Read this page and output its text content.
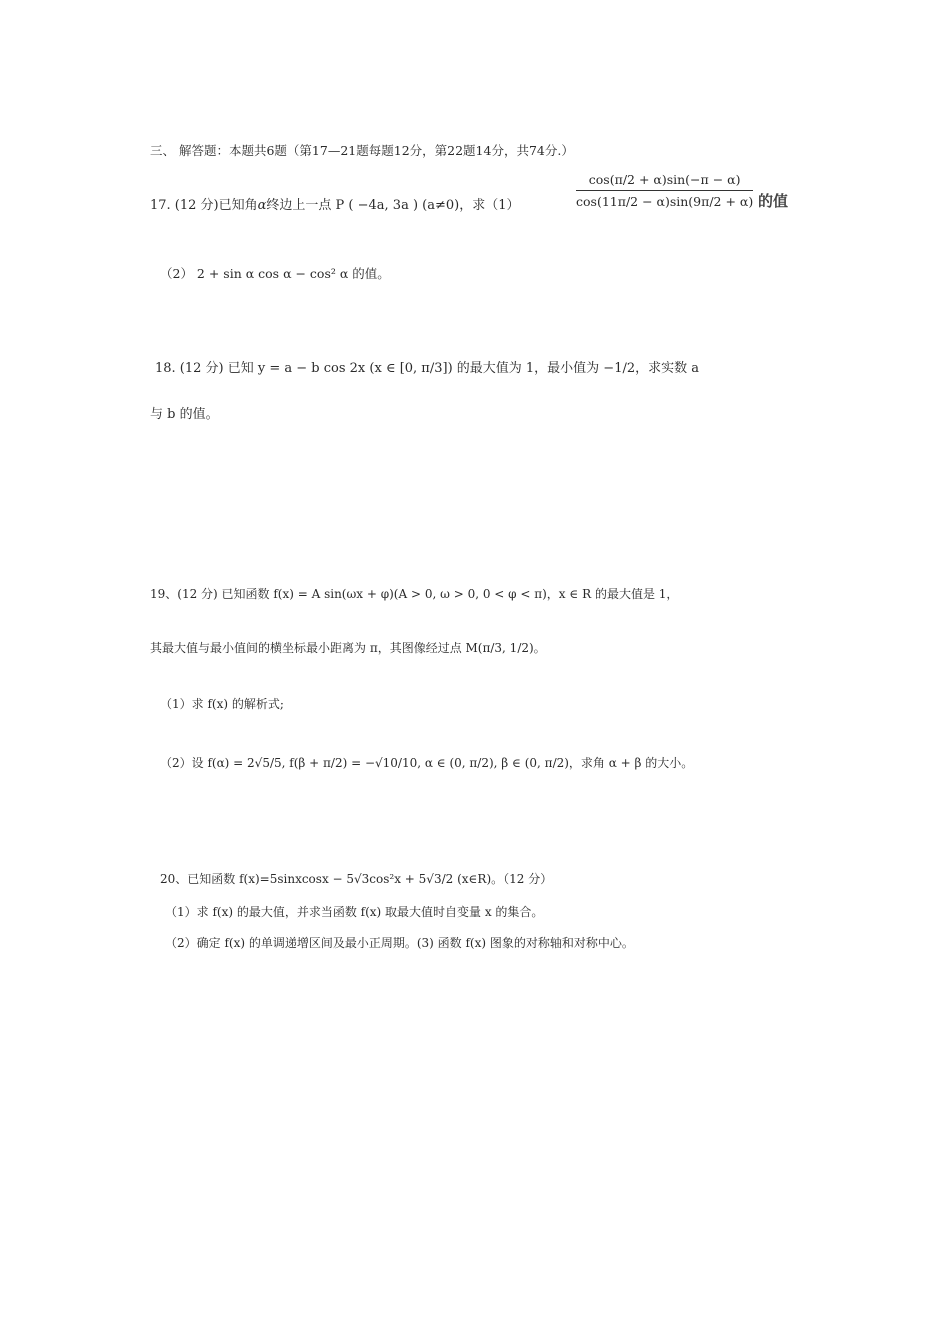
三、 解答题：本题共6题（第17—21题每题12分，第22题14分，共74分.）
17. (12 分)已知角α终边上一点 P ( −4a, 3a ) (a≠0)，求（1）	$\frac{\cos(\pi/2 + \alpha)\sin(-\pi - \alpha)}{\cos(11\pi/2 - \alpha)\sin(9\pi/2 + \alpha)}$ 的值
（2） 2 + sin α cos α − cos² α 的值。
18. (12 分) 已知 y = a − b cos 2x (x ∈ [0, π/3]) 的最大值为 1，最小值为 −1/2，求实数 a
与 b 的值。
19、(12 分) 已知函数 f(x) = A sin(ωx + φ)(A > 0, ω > 0, 0 < φ < π)，x ∈ R 的最大值是 1，
其最大值与最小值间的横坐标最小距离为 π，其图像经过点 M(π/3, 1/2)。
（1）求 f(x) 的解析式;
（2）设 f(α) = 2√5/5, f(β + π/2) = −√10/10, α ∈ (0, π/2), β ∈ (0, π/2)，求角 α + β 的大小。
20、已知函数 f(x)=5sinxcosx − 5√3cos²x + 5√3/2 (x∈R)。（12 分）
（1）求 f(x) 的最大值，并求当函数 f(x) 取最大值时自变量 x 的集合。
（2）确定 f(x) 的单调递增区间及最小正周期。(3) 函数 f(x) 图象的对称轴和对称中心。
